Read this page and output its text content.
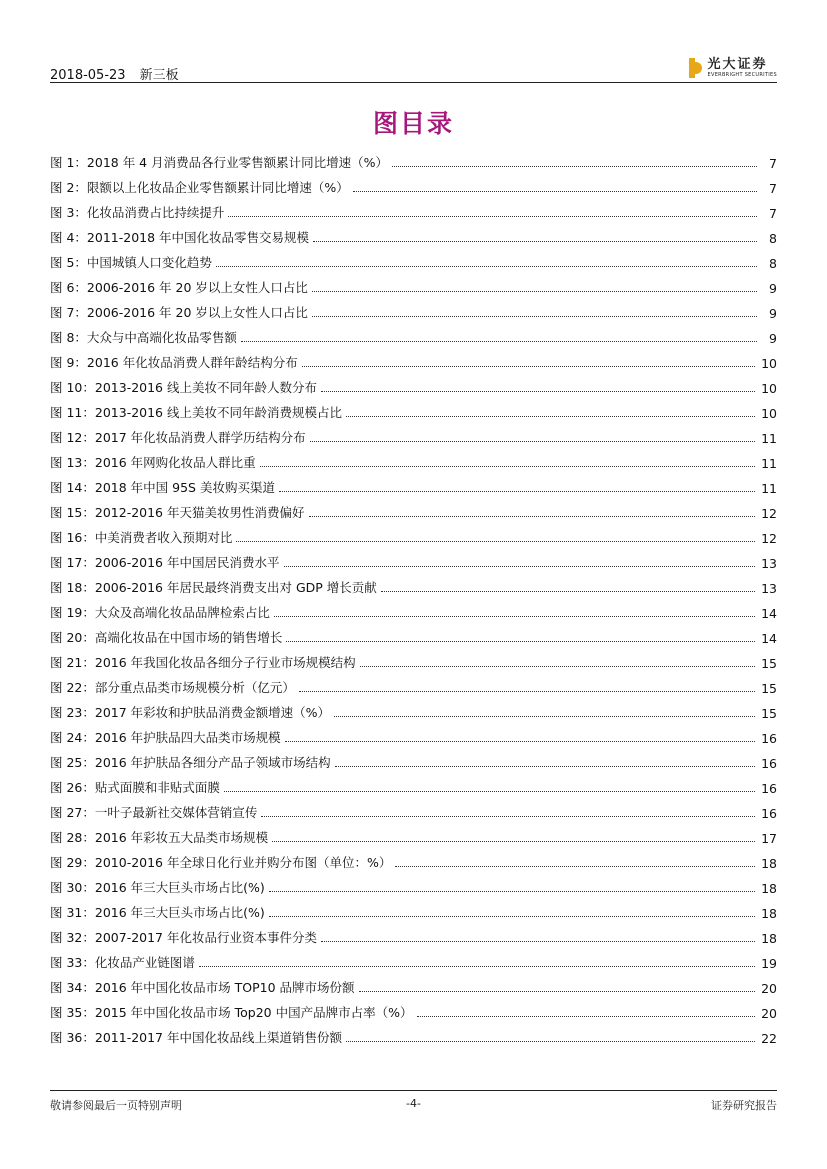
2018-05-23 新三板
光大证券
EVERBRIGHT SECURITIES
图目录
图 1：2018 年 4 月消费品各行业零售额累计同比增速（%）	7
图 2：限额以上化妆品企业零售额累计同比增速（%）	7
图 3：化妆品消费占比持续提升	7
图 4：2011-2018 年中国化妆品零售交易规模	8
图 5：中国城镇人口变化趋势	8
图 6：2006-2016 年 20 岁以上女性人口占比	9
图 7：2006-2016 年 20 岁以上女性人口占比	9
图 8：大众与中高端化妆品零售额	9
图 9：2016 年化妆品消费人群年龄结构分布	10
图 10：2013-2016 线上美妆不同年龄人数分布	10
图 11：2013-2016 线上美妆不同年龄消费规模占比	10
图 12：2017 年化妆品消费人群学历结构分布	11
图 13：2016 年网购化妆品人群比重	11
图 14：2018 年中国 95S 美妆购买渠道	11
图 15：2012-2016 年天猫美妆男性消费偏好	12
图 16：中美消费者收入预期对比	12
图 17：2006-2016 年中国居民消费水平	13
图 18：2006-2016 年居民最终消费支出对 GDP 增长贡献	13
图 19：大众及高端化妆品品牌检索占比	14
图 20：高端化妆品在中国市场的销售增长	14
图 21：2016 年我国化妆品各细分子行业市场规模结构	15
图 22：部分重点品类市场规模分析（亿元）	15
图 23：2017 年彩妆和护肤品消费金额增速（%）	15
图 24：2016 年护肤品四大品类市场规模	16
图 25：2016 年护肤品各细分产品子领域市场结构	16
图 26：贴式面膜和非贴式面膜	16
图 27：一叶子最新社交媒体营销宣传	16
图 28：2016 年彩妆五大品类市场规模	17
图 29：2010-2016 年全球日化行业并购分布图（单位：%）	18
图 30：2016 年三大巨头市场占比(%)	18
图 31：2016 年三大巨头市场占比(%)	18
图 32：2007-2017 年化妆品行业资本事件分类	18
图 33：化妆品产业链图谱	19
图 34：2016 年中国化妆品市场 TOP10 品牌市场份额	20
图 35：2015 年中国化妆品市场 Top20 中国产品牌市占率（%）	20
图 36：2011-2017 年中国化妆品线上渠道销售份额	22
敬请参阅最后一页特别声明	-4-	证券研究报告
